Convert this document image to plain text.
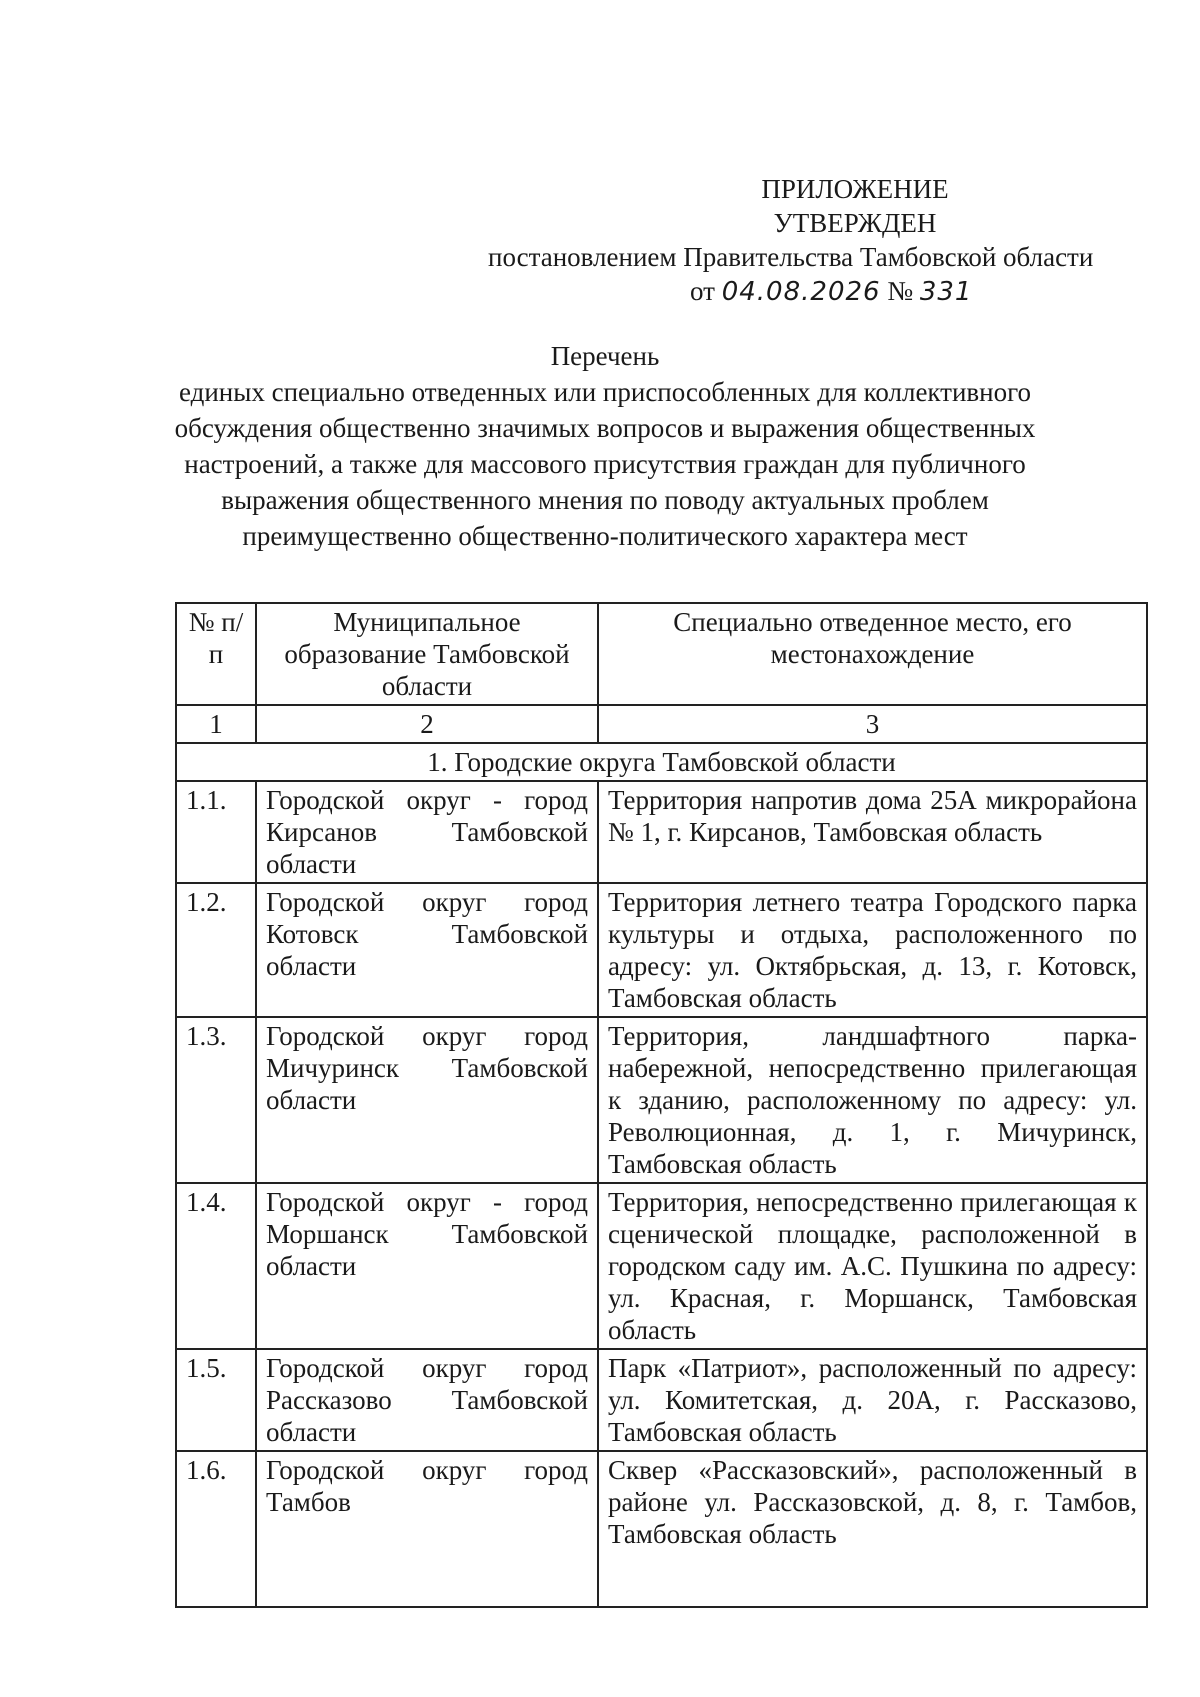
ПРИЛОЖЕНИЕ
УТВЕРЖДЕН
постановлением Правительства Тамбовской области
от 04.08.2026 № 331
Перечень
единых специально отведенных или приспособленных для коллективного обсуждения общественно значимых вопросов и выражения общественных настроений, а также для массового присутствия граждан для публичного выражения общественного мнения по поводу актуальных проблем преимущественно общественно-политического характера мест
№ п/п	Муниципальное образование Тамбовской области	Специально отведенное место, его местонахождение
1	2	3
1. Городские округа Тамбовской области		
1.1.	Городской округ - город Кирсанов Тамбовской области	Территория напротив дома 25А микрорайона № 1, г. Кирсанов, Тамбовская область
1.2.	Городской округ город Котовск Тамбовской области	Территория летнего театра Городского парка культуры и отдыха, расположенного по адресу: ул. Октябрьская, д. 13, г. Котовск, Тамбовская область
1.3.	Городской округ город Мичуринск Тамбовской области	Территория, ландшафтного парка-набережной, непосредственно прилегающая к зданию, расположенному по адресу: ул. Революционная, д. 1, г. Мичуринск, Тамбовская область
1.4.	Городской округ - город Моршанск Тамбовской области	Территория, непосредственно прилегающая к сценической площадке, расположенной в городском саду им. А.С. Пушкина по адресу: ул. Красная, г. Моршанск, Тамбовская область
1.5.	Городской округ город Рассказово Тамбовской области	Парк «Патриот», расположенный по адресу: ул. Комитетская, д. 20А, г. Рассказово, Тамбовская область
1.6.	Городской округ город Тамбов	Сквер «Рассказовский», расположенный в районе ул. Рассказовской, д. 8, г. Тамбов, Тамбовская область
